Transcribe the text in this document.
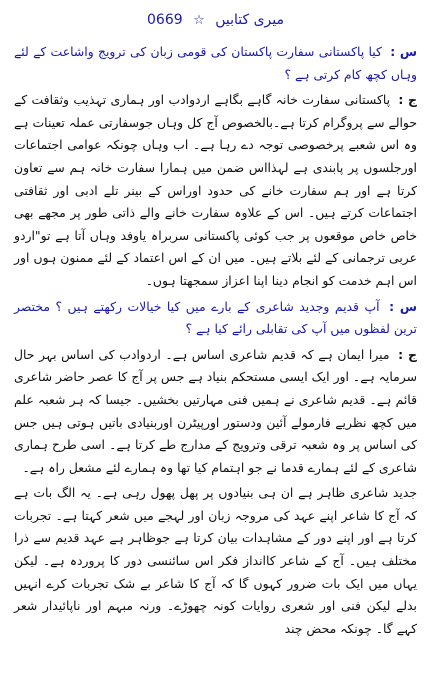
میری کتابیں ☆ 0669

س : کیا پاکستانی سفارت پاکستان کی قومی زبان کی ترویج واشاعت کے لئے وہاں کچھ کام کرتی ہے ؟

ج : پاکستانی سفارت خانہ گاہے بگاہے اردوادب اور ہماری تہذیب وثقافت کے حوالے سے پروگرام کرتا ہے۔بالخصوص آج کل وہاں جوسفارتی عملہ تعینات ہے وہ اس شعبے پرخصوصی توجہ دے رہا ہے۔ اب وہاں چونکہ عوامی اجتماعات اورجلسوں پر پابندی ہے لہذااس ضمن میں ہمارا سفارت خانہ ہم سے تعاون کرتا ہے اور ہم سفارت خانے کی حدود اوراس کے بینر تلے ادبی اور ثقافتی اجتماعات کرتے ہیں۔ اس کے علاوہ سفارت خانے والے ذاتی طور پر مجھے بھی خاص خاص موقعوں پر جب کوئی پاکستانی سربراہ یاوفد وہاں آتا ہے تو"اردو عربی ترجمانی کے لئے بلاتے ہیں۔ میں ان کے اس اعتماد کے لئے ممنون ہوں اور اس اہم خدمت کو انجام دینا اپنا اعزاز سمجھتا ہوں۔

س : آپ قدیم وجدید شاعری کے بارے میں کیا خیالات رکھتے ہیں ؟ مختصر ترین لفظوں میں آپ کی تقابلی رائے کیا ہے ؟

ج : میرا ایمان ہے کہ قدیم شاعری اساس ہے۔ اردوادب کی اساس بہر حال سرمایہ ہے۔ اور ایک ایسی مستحکم بنیاد ہے جس پر آج کا عصر حاضر شاعری قائم ہے۔ قدیم شاعری نے ہمیں فنی مہارتیں بخشیں۔ جیسا کہ ہر شعبہ علم میں کچھ نظریے فارمولے آئین ودستور اورپیٹرن اوربنیادی باتیں ہوتی ہیں جس کی اساس پر وہ شعبہ ترقی وترویج کے مدارج طے کرتا ہے۔ اسی طرح ہماری شاعری کے لئے ہمارے قدما نے جو اہتمام کیا تھا وہ ہمارے لئے مشعل راہ ہے۔

جدید شاعری ظاہر ہے ان ہی بنیادوں پر پھل پھول رہی ہے۔ یہ الگ بات ہے کہ آج کا شاعر اپنے عہد کی مروجہ زبان اور لہجے میں شعر کہتا ہے۔ تجربات کرتا ہے اور اپنے دور کے مشاہدات بیان کرتا ہے جوظاہر ہے عہد قدیم سے ذرا مختلف ہیں۔ آج کے شاعر کاانداز فکر اس سائنسی دور کا پروردہ ہے۔ لیکن یہاں میں ایک بات ضرور کہوں گا کہ آج کا شاعر بے شک تجربات کرے انہیں بدلے لیکن فنی اور شعری روایات کونہ چھوڑے۔ ورنہ مبہم اور ناپائیدار شعر کہے گا۔ چونکہ محض چند
